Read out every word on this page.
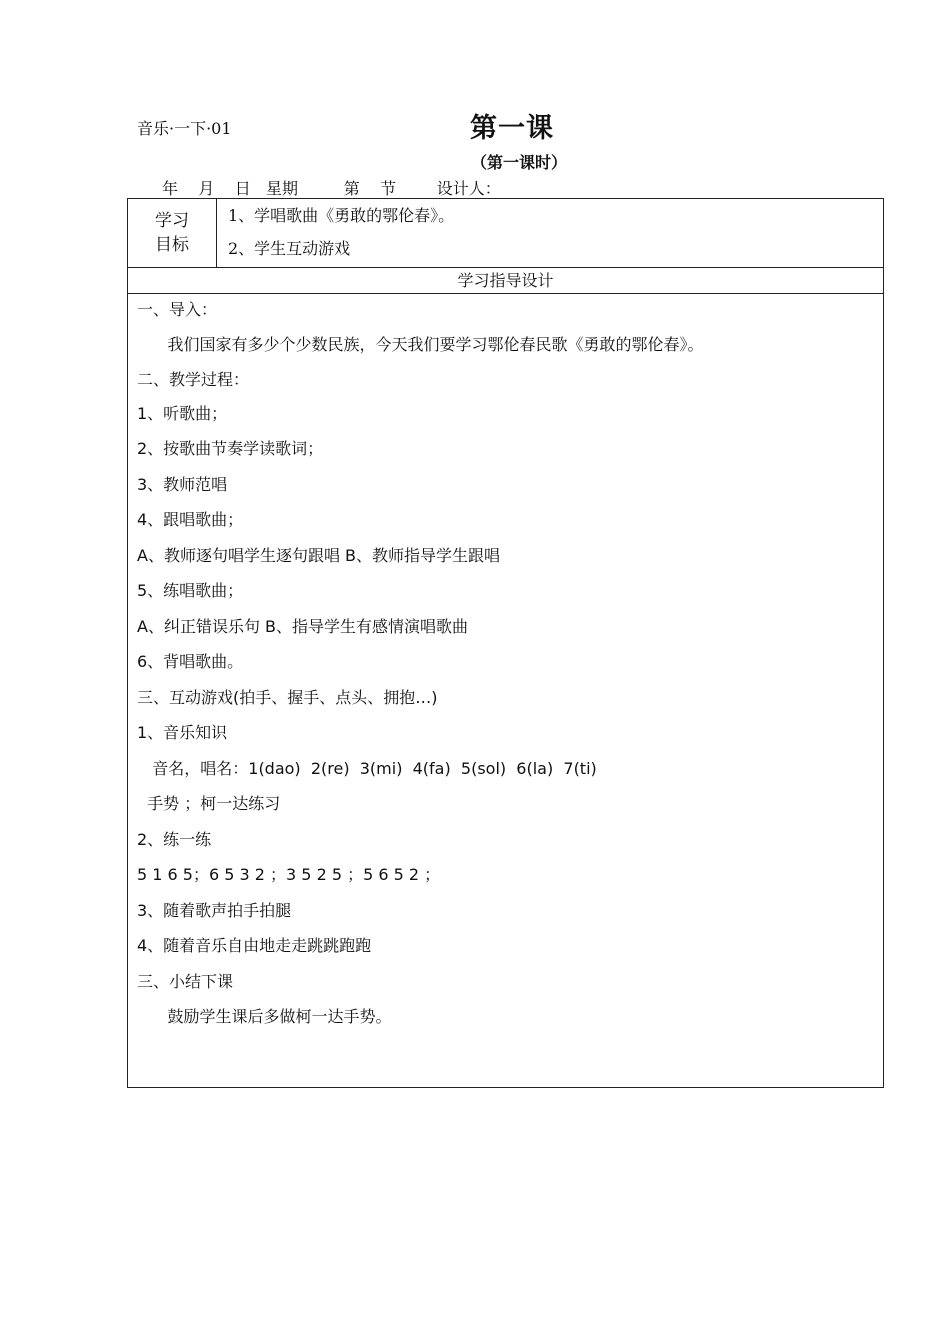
音乐·一下·01	第一课
（第一课时）
年    月    日   星期         第    节        设计人：
学习
目标
1、学唱歌曲《勇敢的鄂伦春》。
2、学生互动游戏
学习指导设计
一、导入：
我们国家有多少个少数民族，今天我们要学习鄂伦春民歌《勇敢的鄂伦春》。
二、教学过程：
1、听歌曲；
2、按歌曲节奏学读歌词；
3、教师范唱
4、跟唱歌曲；
A、教师逐句唱学生逐句跟唱 B、教师指导学生跟唱
5、练唱歌曲；
A、纠正错误乐句 B、指导学生有感情演唱歌曲
6、背唱歌曲。
三、互动游戏(拍手、握手、点头、拥抱…)
1、音乐知识
音名，唱名：1(dao)  2(re)  3(mi)  4(fa)  5(sol)  6(la)  7(ti)
手势 ；柯一达练习
2、练一练
5 1 6 5；6 5 3 2 ；3 5 2 5 ；5 6 5 2 ；
3、随着歌声拍手拍腿
4、随着音乐自由地走走跳跳跑跑
三、小结下课
鼓励学生课后多做柯一达手势。
